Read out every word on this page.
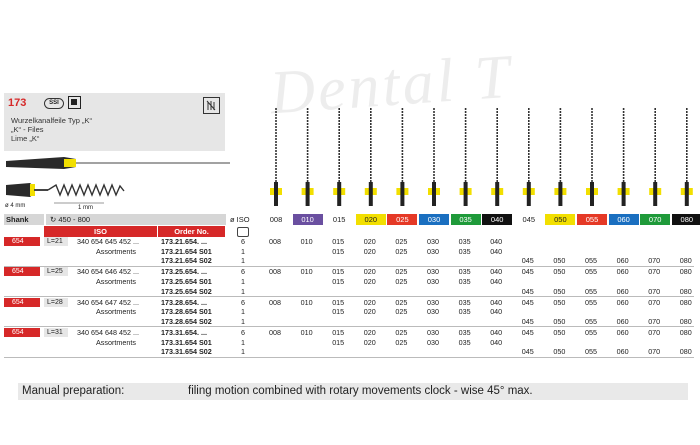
Dental T
173	SSI
Wurzelkanalfeile Typ „K“
„K“ - Files
Lime „K“
ø 4 mm	1 mm
Shank	↻ 450 - 800
ISO	Order No.
ø ISO	008	010	015	020	025	030	035	040	045	050	055	060	070	080
654	L=21	340 654 645 452 ...	173.21.654. ...	6	008	010	015	020	025	030	035	040
Assortments	173.21.654 S01	1	015	020	025	030	035	040
173.21.654 S02	1	045	050	055	060	070	080
654	L=25	340 654 646 452 ...	173.25.654. ...	6	008	010	015	020	025	030	035	040	045	050	055	060	070	080
Assortments	173.25.654 S01	1	015	020	025	030	035	040
173.25.654 S02	1	045	050	055	060	070	080
654	L=28	340 654 647 452 ...	173.28.654. ...	6	008	010	015	020	025	030	035	040	045	050	055	060	070	080
Assortments	173.28.654 S01	1	015	020	025	030	035	040
173.28.654 S02	1	045	050	055	060	070	080
654	L=31	340 654 648 452 ...	173.31.654. ...	6	008	010	015	020	025	030	035	040	045	050	055	060	070	080
Assortments	173.31.654 S01	1	015	020	025	030	035	040
173.31.654 S02	1	045	050	055	060	070	080
Manual preparation:	filing motion combined with rotary movements clock - wise 45° max.
